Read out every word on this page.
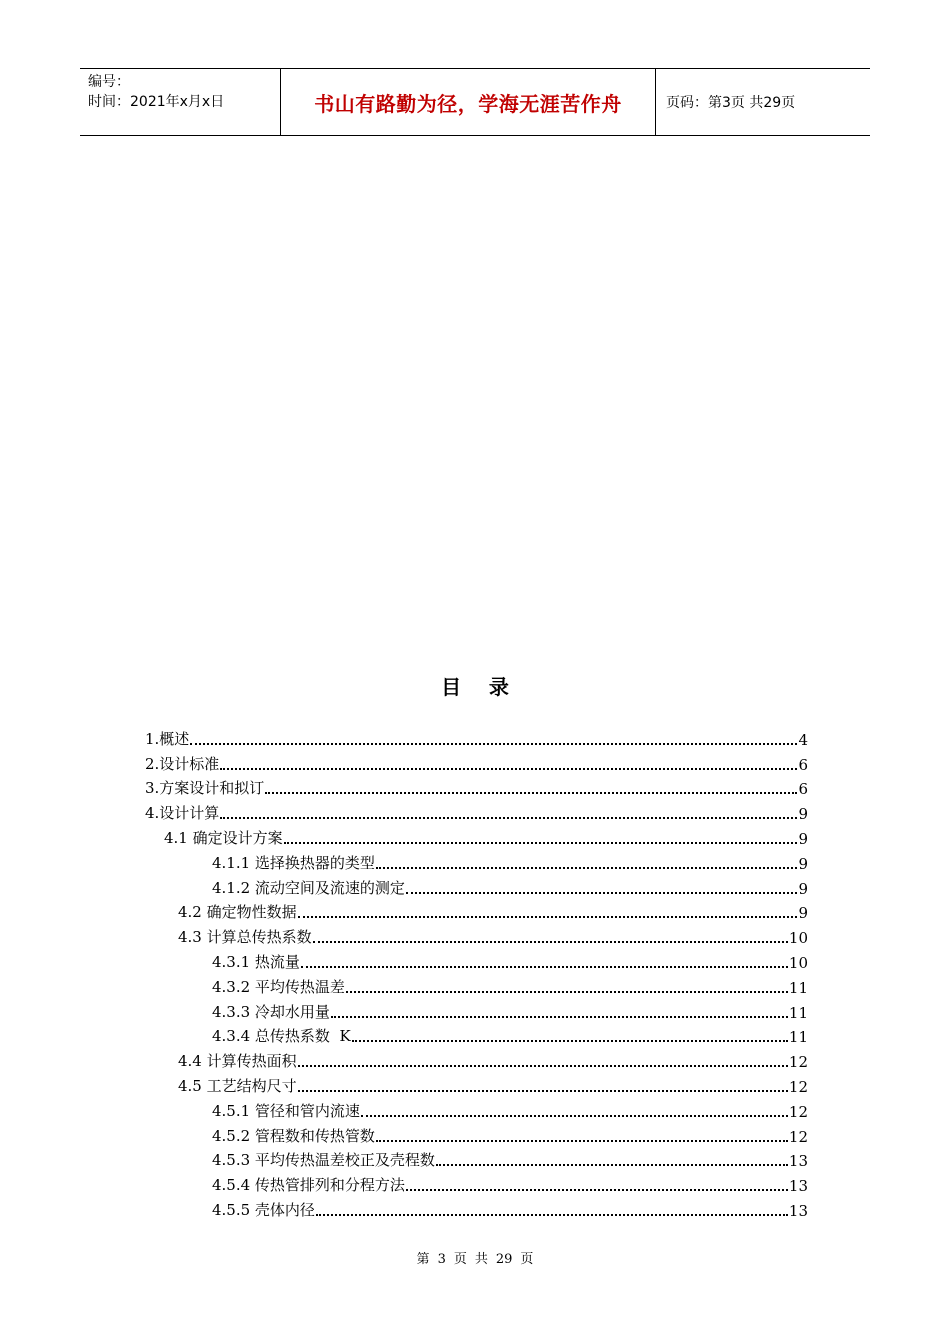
编号：
时间：2021年x月x日	书山有路勤为径，学海无涯苦作舟	页码：第3页 共29页
目    录
1.概述	4
2.设计标准	6
3.方案设计和拟订	6
4.设计计算	9
4.1 确定设计方案	9
4.1.1 选择换热器的类型	9
4.1.2 流动空间及流速的测定	9
4.2 确定物性数据	9
4.3 计算总传热系数	10
4.3.1 热流量	10
4.3.2 平均传热温差	11
4.3.3 冷却水用量	11
4.3.4 总传热系数  K	11
4.4 计算传热面积	12
4.5 工艺结构尺寸	12
4.5.1 管径和管内流速	12
4.5.2 管程数和传热管数	12
4.5.3 平均传热温差校正及壳程数	13
4.5.4 传热管排列和分程方法	13
4.5.5 壳体内径	13
第 3 页 共 29 页
